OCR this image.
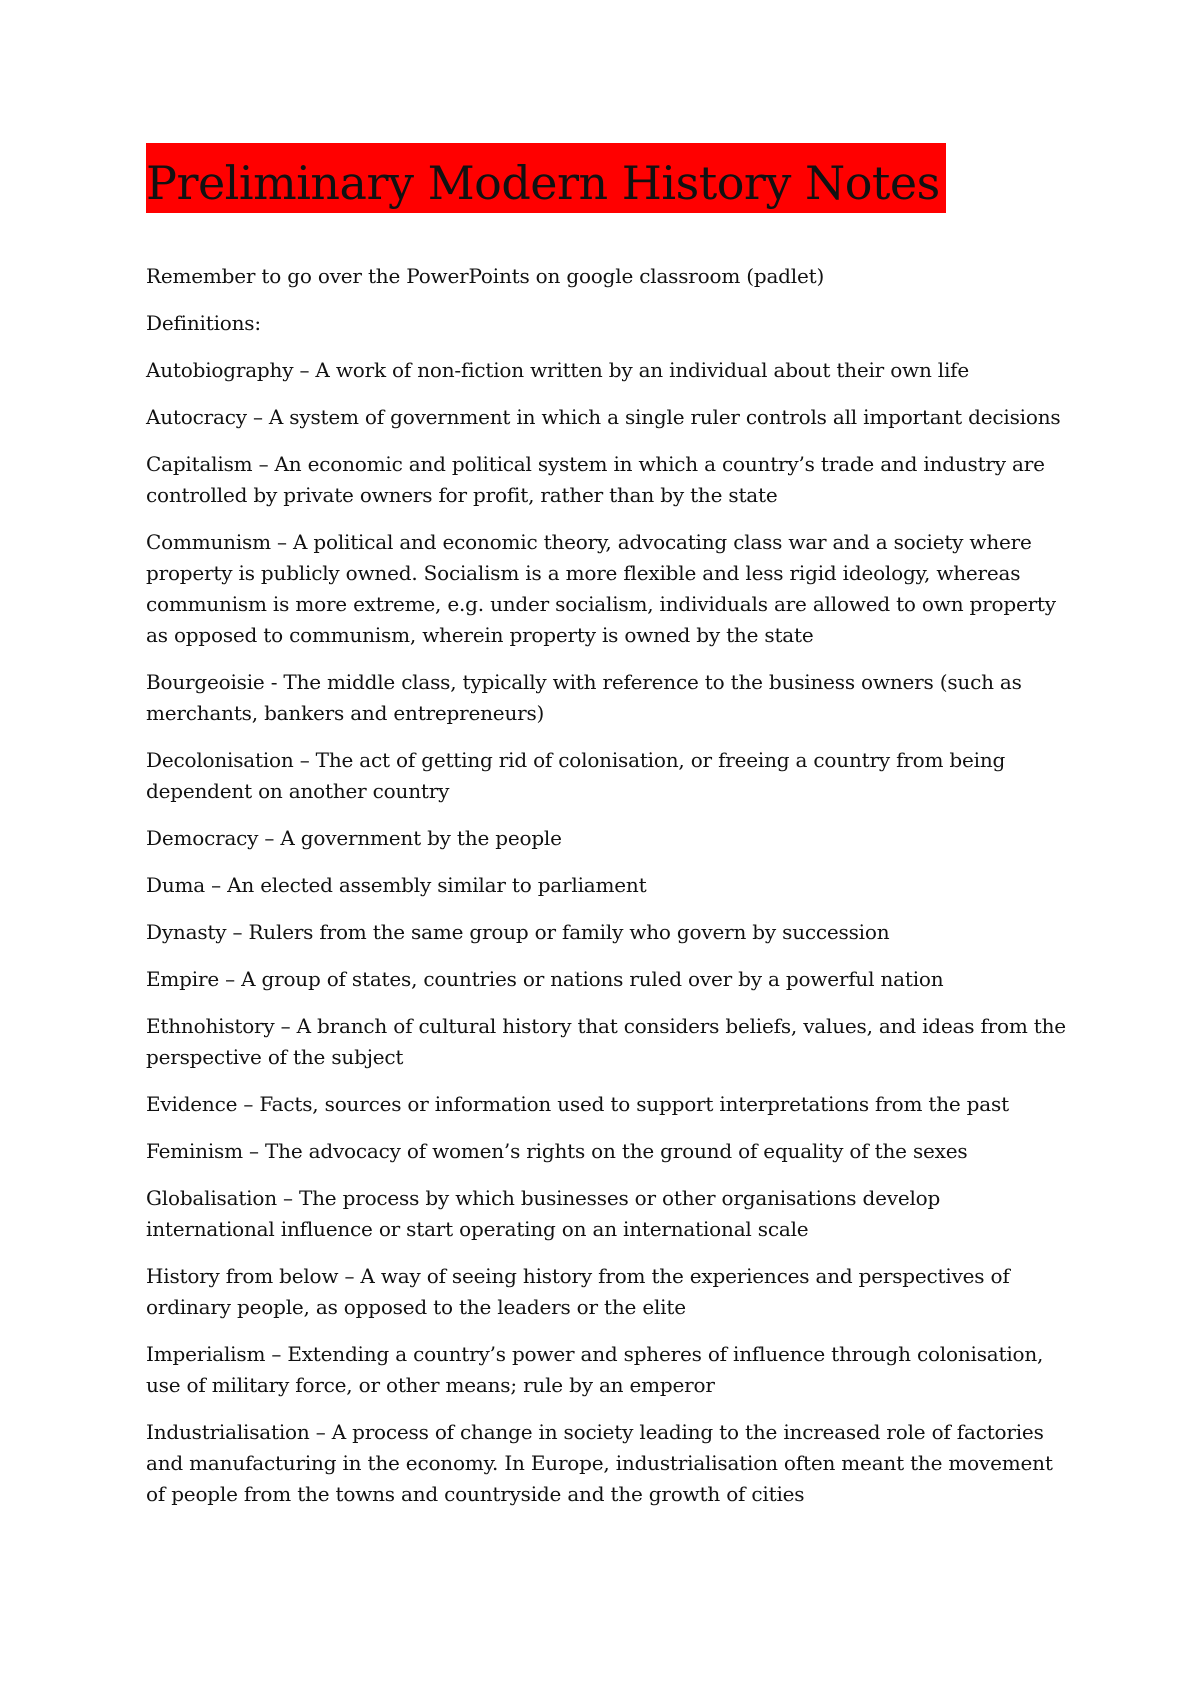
Preliminary Modern History Notes

Remember to go over the PowerPoints on google classroom (padlet)

Definitions:

Autobiography – A work of non-fiction written by an individual about their own life

Autocracy – A system of government in which a single ruler controls all important decisions

Capitalism – An economic and political system in which a country’s trade and industry are controlled by private owners for profit, rather than by the state

Communism – A political and economic theory, advocating class war and a society where property is publicly owned. Socialism is a more flexible and less rigid ideology, whereas communism is more extreme, e.g. under socialism, individuals are allowed to own property as opposed to communism, wherein property is owned by the state

Bourgeoisie - The middle class, typically with reference to the business owners (such as merchants, bankers and entrepreneurs)

Decolonisation – The act of getting rid of colonisation, or freeing a country from being dependent on another country

Democracy – A government by the people

Duma – An elected assembly similar to parliament

Dynasty – Rulers from the same group or family who govern by succession

Empire – A group of states, countries or nations ruled over by a powerful nation

Ethnohistory – A branch of cultural history that considers beliefs, values, and ideas from the perspective of the subject

Evidence – Facts, sources or information used to support interpretations from the past

Feminism – The advocacy of women’s rights on the ground of equality of the sexes

Globalisation – The process by which businesses or other organisations develop international influence or start operating on an international scale

History from below – A way of seeing history from the experiences and perspectives of ordinary people, as opposed to the leaders or the elite

Imperialism – Extending a country’s power and spheres of influence through colonisation, use of military force, or other means; rule by an emperor

Industrialisation – A process of change in society leading to the increased role of factories and manufacturing in the economy. In Europe, industrialisation often meant the movement of people from the towns and countryside and the growth of cities
